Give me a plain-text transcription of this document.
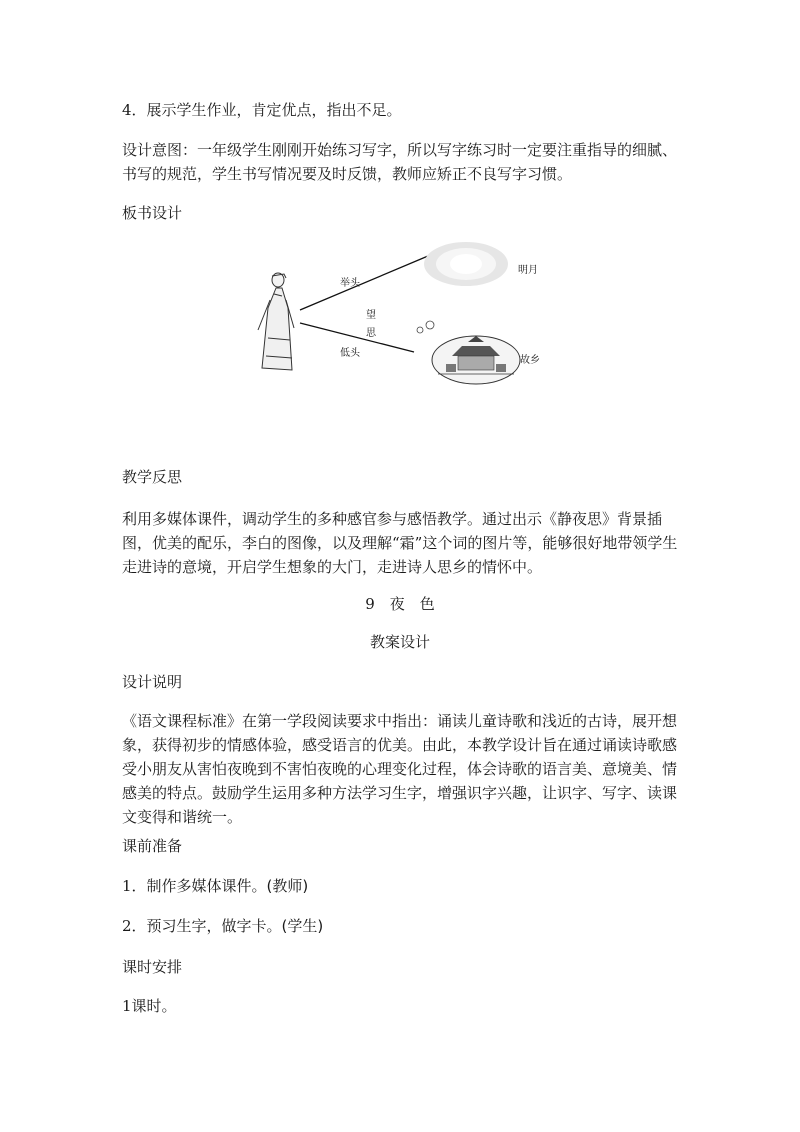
4．展示学生作业，肯定优点，指出不足。

设计意图：一年级学生刚刚开始练习写字，所以写字练习时一定要注重指导的细腻、书写的规范，学生书写情况要及时反馈，教师应矫正不良写字习惯。

板书设计

举头
望
思
低头
明月
故乡

教学反思

利用多媒体课件，调动学生的多种感官参与感悟教学。通过出示《静夜思》背景插图，优美的配乐，李白的图像，以及理解“霜”这个词的图片等，能够很好地带领学生走进诗的意境，开启学生想象的大门，走进诗人思乡的情怀中。

9　夜　色

教案设计

设计说明

《语文课程标准》在第一学段阅读要求中指出：诵读儿童诗歌和浅近的古诗，展开想象，获得初步的情感体验，感受语言的优美。由此，本教学设计旨在通过诵读诗歌感受小朋友从害怕夜晚到不害怕夜晚的心理变化过程，体会诗歌的语言美、意境美、情感美的特点。鼓励学生运用多种方法学习生字，增强识字兴趣，让识字、写字、读课文变得和谐统一。

课前准备

1．制作多媒体课件。(教师)

2．预习生字，做字卡。(学生)

课时安排

1课时。
